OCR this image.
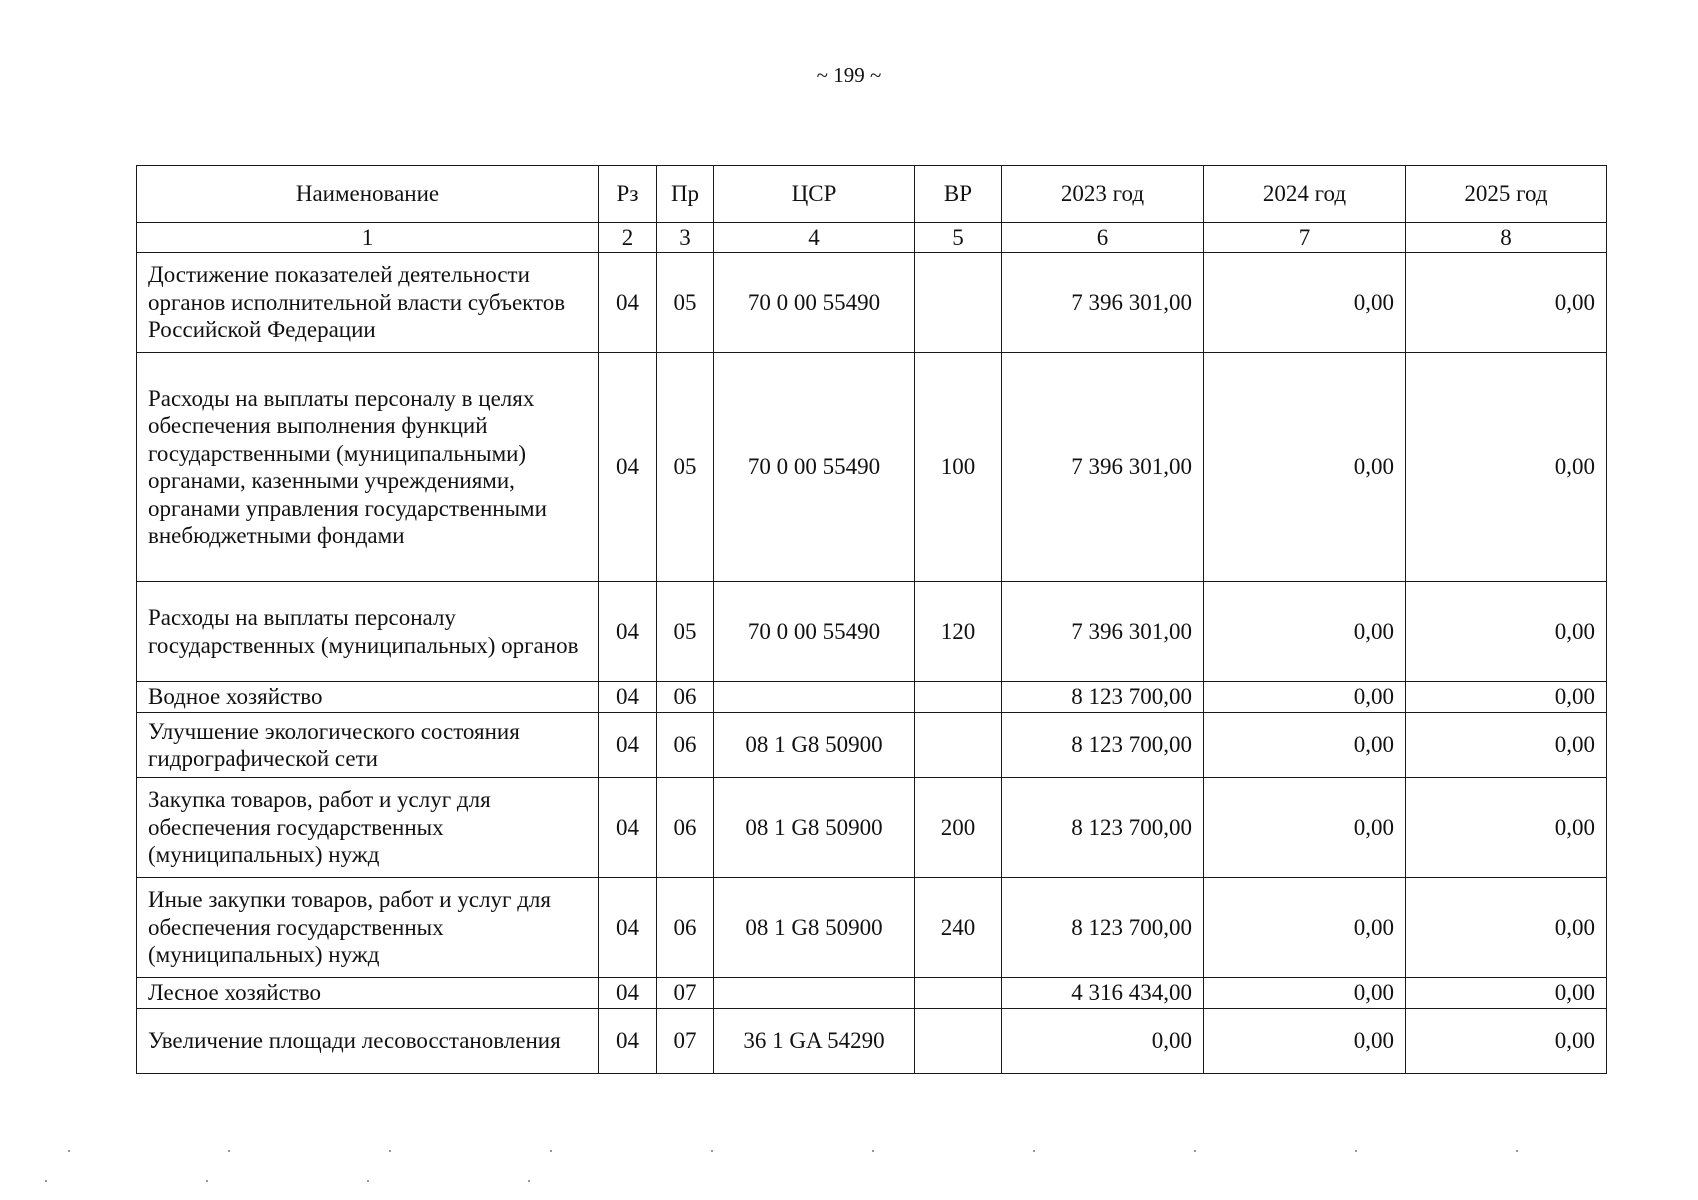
~ 199 ~
Наименование	Рз	Пр	ЦСР	ВР	2023 год	2024 год	2025 год
1	2	3	4	5	6	7	8
Достижение показателей деятельности органов исполнительной власти субъектов Российской Федерации	04	05	70 0 00 55490		7 396 301,00	0,00	0,00
Расходы на выплаты персоналу в целях обеспечения выполнения функций государственными (муниципальными) органами, казенными учреждениями, органами управления государственными внебюджетными фондами	04	05	70 0 00 55490	100	7 396 301,00	0,00	0,00
Расходы на выплаты персоналу государственных (муниципальных) органов	04	05	70 0 00 55490	120	7 396 301,00	0,00	0,00
Водное хозяйство	04	06			8 123 700,00	0,00	0,00
Улучшение экологического состояния гидрографической сети	04	06	08 1 G8 50900		8 123 700,00	0,00	0,00
Закупка товаров, работ и услуг для обеспечения государственных (муниципальных) нужд	04	06	08 1 G8 50900	200	8 123 700,00	0,00	0,00
Иные закупки товаров, работ и услуг для обеспечения государственных (муниципальных) нужд	04	06	08 1 G8 50900	240	8 123 700,00	0,00	0,00
Лесное хозяйство	04	07			4 316 434,00	0,00	0,00
Увеличение площади лесовосстановления	04	07	36 1 GA 54290		0,00	0,00	0,00
